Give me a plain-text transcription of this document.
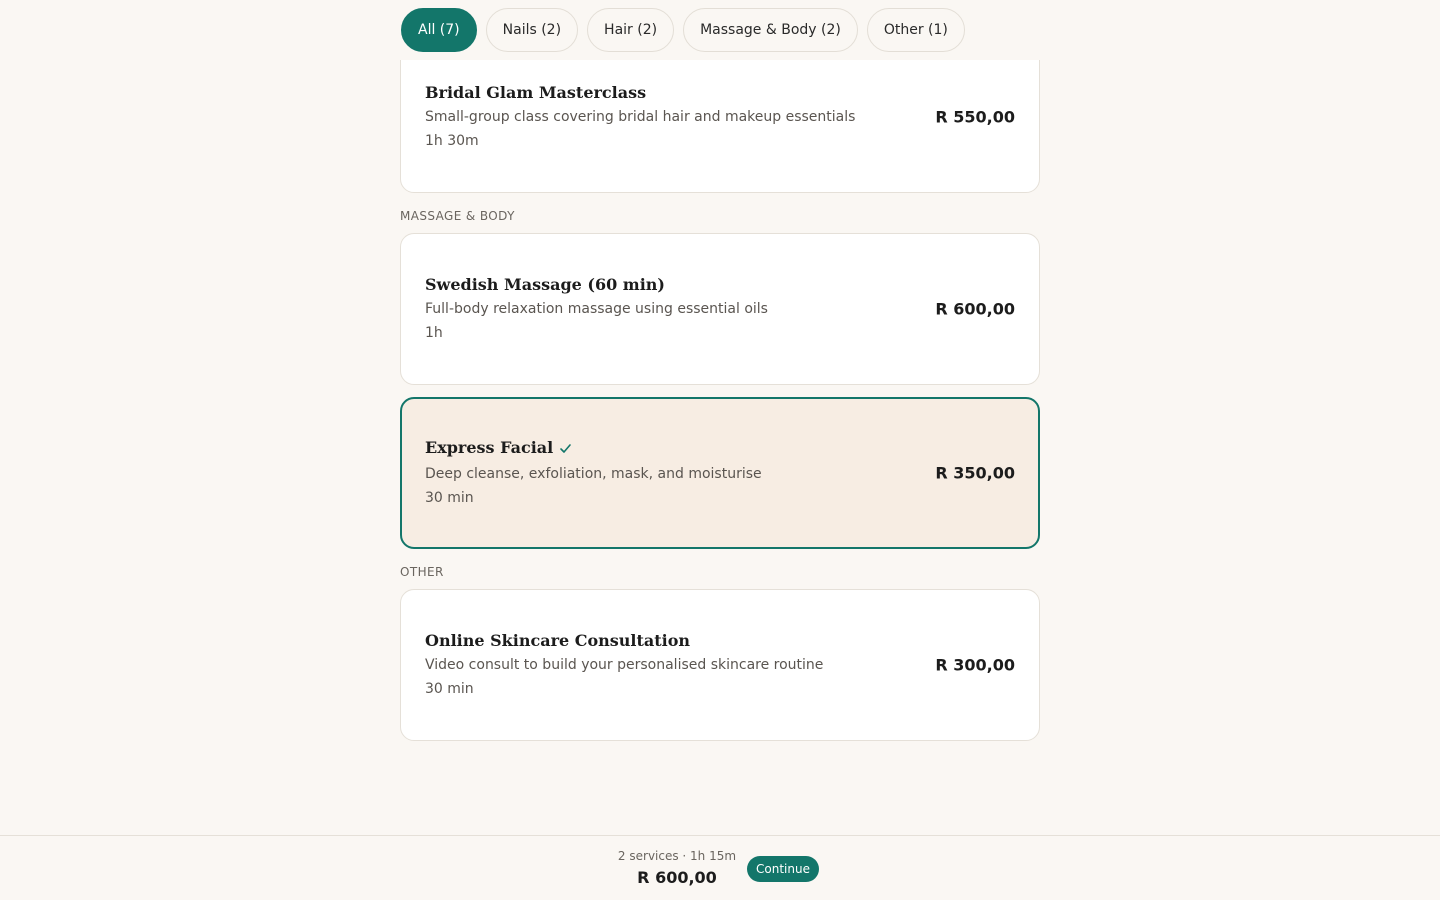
Bridal Glam Masterclass
Small-group class covering bridal hair and makeup essentials
1h 30m
R 550,00
MASSAGE & BODY
Swedish Massage (60 min)
Full-body relaxation massage using essential oils
1h
R 600,00
Express Facial
Deep cleanse, exfoliation, mask, and moisturise
30 min
R 350,00
OTHER
Online Skincare Consultation
Video consult to build your personalised skincare routine
30 min
R 300,00
All (7)	Nails (2)	Hair (2)	Massage & Body (2)	Other (1)
2 services · 1h 15m
R 600,00	Continue
